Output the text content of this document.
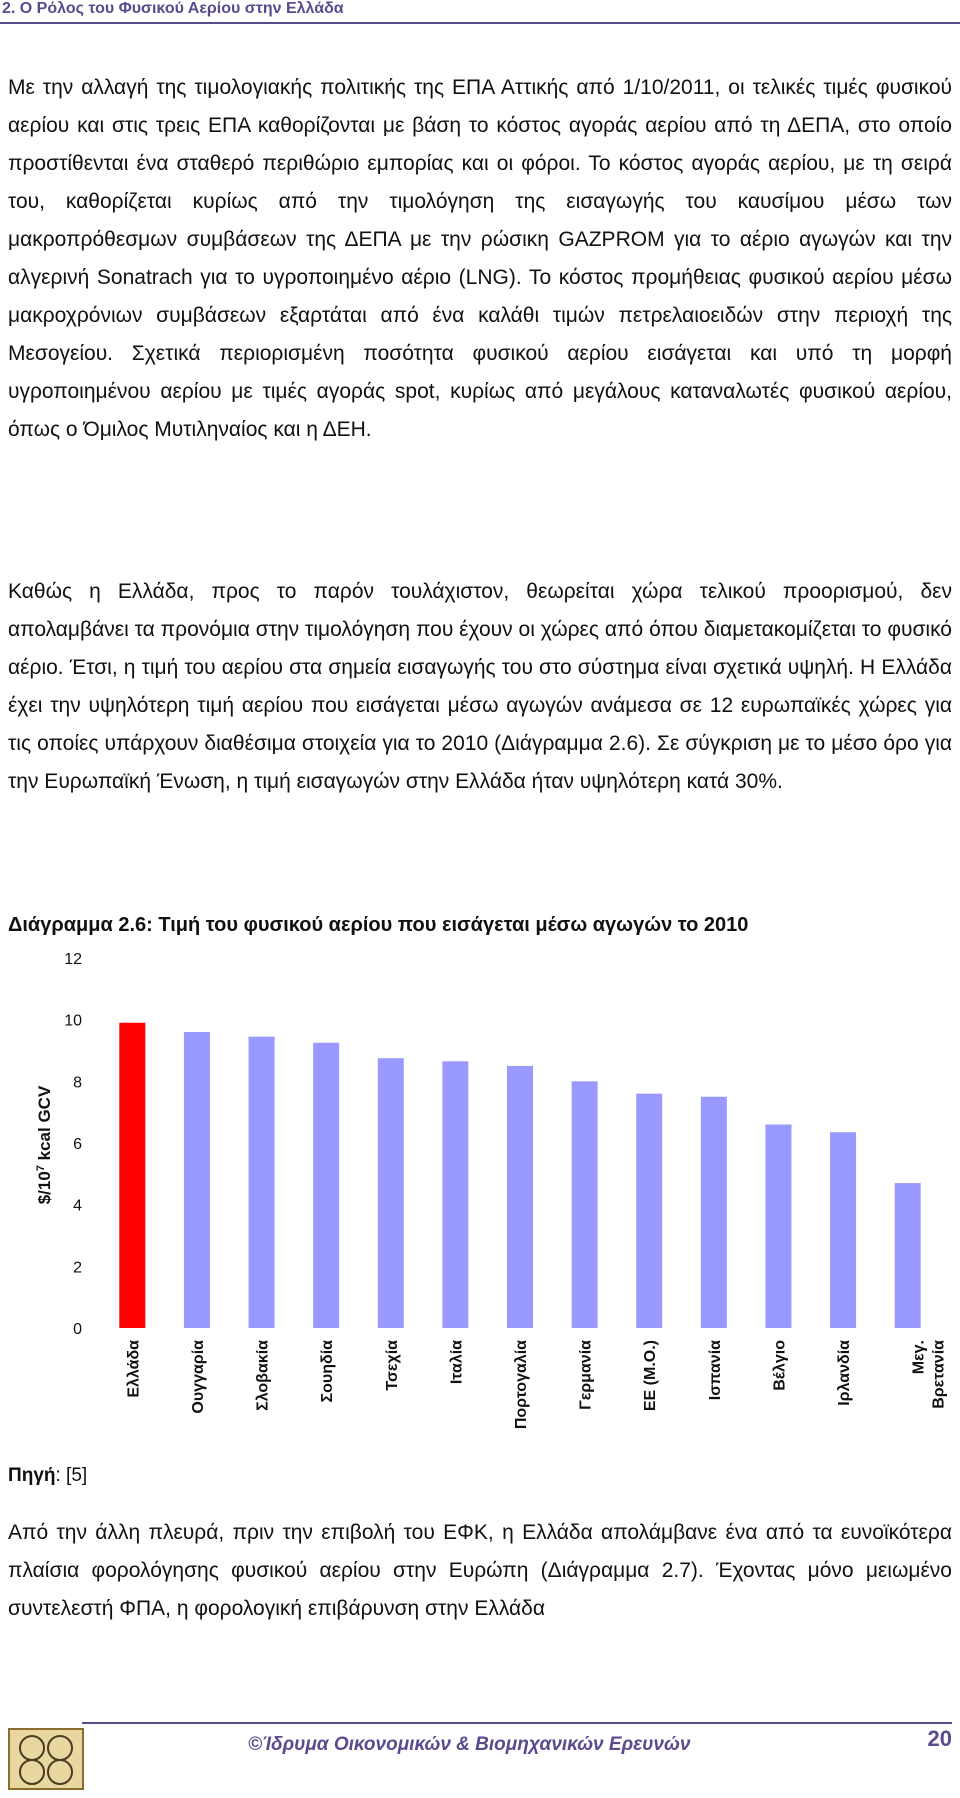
2. Ο Ρόλος του Φυσικού Αερίου στην Ελλάδα

Με την αλλαγή της τιμολογιακής πολιτικής της ΕΠΑ Αττικής από 1/10/2011, οι τελικές τιμές φυσικού αερίου και στις τρεις ΕΠΑ καθορίζονται με βάση το κόστος αγοράς αερίου από τη ΔΕΠΑ, στο οποίο προστίθενται ένα σταθερό περιθώριο εμπορίας και οι φόροι. Το κόστος αγοράς αερίου, με τη σειρά του, καθορίζεται κυρίως από την τιμολόγηση της εισαγωγής του καυσίμου μέσω των μακροπρόθεσμων συμβάσεων της ΔΕΠΑ με την ρώσικη GAZPROM για το αέριο αγωγών και την αλγερινή Sonatrach για το υγροποιημένο αέριο (LNG). Το κόστος προμήθειας φυσικού αερίου μέσω μακροχρόνιων συμβάσεων εξαρτάται από ένα καλάθι τιμών πετρελαιοειδών στην περιοχή της Μεσογείου. Σχετικά περιορισμένη ποσότητα φυσικού αερίου εισάγεται και υπό τη μορφή υγροποιημένου αερίου με τιμές αγοράς spot, κυρίως από μεγάλους καταναλωτές φυσικού αερίου, όπως ο Όμιλος Μυτιληναίος και η ΔΕΗ.

Καθώς η Ελλάδα, προς το παρόν τουλάχιστον, θεωρείται χώρα τελικού προορισμού, δεν απολαμβάνει τα προνόμια στην τιμολόγηση που έχουν οι χώρες από όπου διαμετακομίζεται το φυσικό αέριο. Έτσι, η τιμή του αερίου στα σημεία εισαγωγής του στο σύστημα είναι σχετικά υψηλή. Η Ελλάδα έχει την υψηλότερη τιμή αερίου που εισάγεται μέσω αγωγών ανάμεσα σε 12 ευρωπαϊκές χώρες για τις οποίες υπάρχουν διαθέσιμα στοιχεία για το 2010 (Διάγραμμα 2.6). Σε σύγκριση με το μέσο όρο για την Ευρωπαϊκή Ένωση, η τιμή εισαγωγών στην Ελλάδα ήταν υψηλότερη κατά 30%.

Διάγραμμα 2.6: Τιμή του φυσικού αερίου που εισάγεται μέσω αγωγών το 2010
0
2
4
6
8
10
12
$\$/10^7$ kcal GCV
Ελλάδα	Ουγγαρία	Σλοβακία	Σουηδία	Τσεχία	Ιταλία	Πορτογαλία	Γερμανία	ΕΕ (Μ.Ο.)	Ισπανία	Βέλγιο	Ιρλανδία	Μεγ. Βρετανία
Πηγή: [5]

Από την άλλη πλευρά, πριν την επιβολή του ΕΦΚ, η Ελλάδα απολάμβανε ένα από τα ευνοϊκότερα πλαίσια φορολόγησης φυσικού αερίου στην Ευρώπη (Διάγραμμα 2.7). Έχοντας μόνο μειωμένο συντελεστή ΦΠΑ, η φορολογική επιβάρυνση στην Ελλάδα

©Ίδρυμα Οικονομικών & Βιομηχανικών Ερευνών	20
